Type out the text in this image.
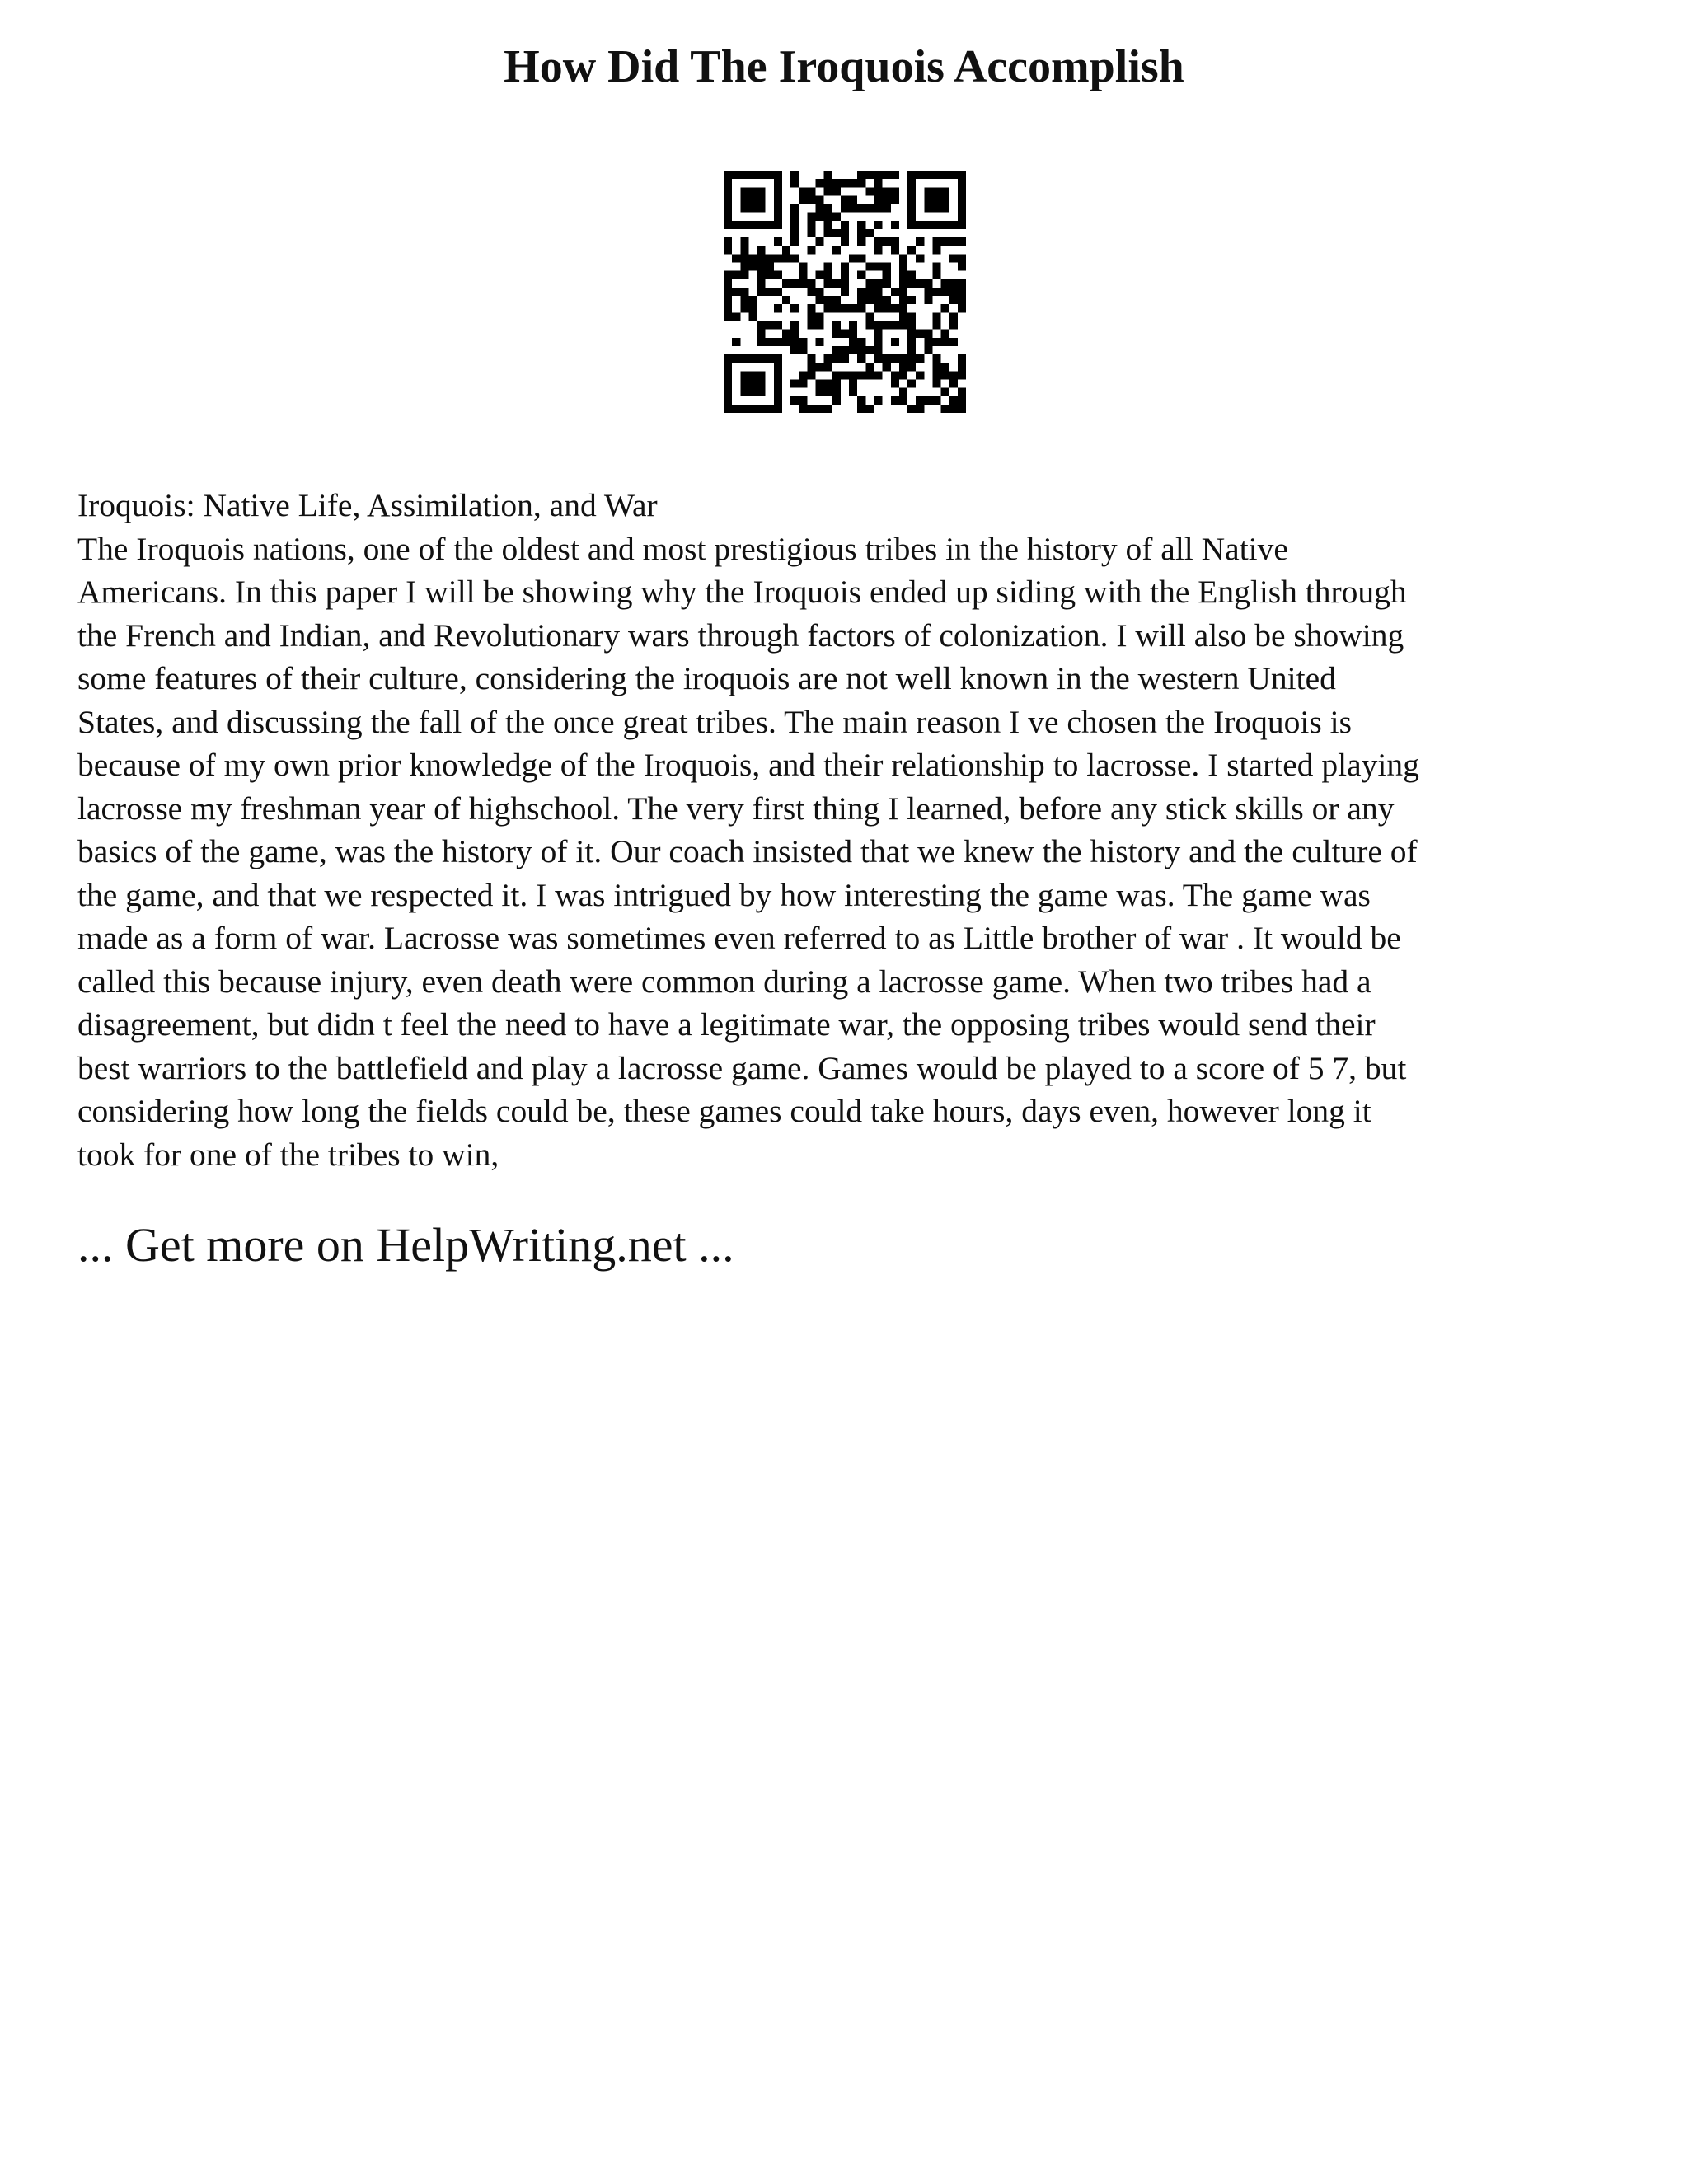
How Did The Iroquois Accomplish

Iroquois: Native Life, Assimilation, and War

The Iroquois nations, one of the oldest and most prestigious tribes in the history of all Native
Americans. In this paper I will be showing why the Iroquois ended up siding with the English through
the French and Indian, and Revolutionary wars through factors of colonization. I will also be showing
some features of their culture, considering the iroquois are not well known in the western United
States, and discussing the fall of the once great tribes. The main reason I ve chosen the Iroquois is
because of my own prior knowledge of the Iroquois, and their relationship to lacrosse. I started playing
lacrosse my freshman year of highschool. The very first thing I learned, before any stick skills or any
basics of the game, was the history of it. Our coach insisted that we knew the history and the culture of
the game, and that we respected it. I was intrigued by how interesting the game was. The game was
made as a form of war. Lacrosse was sometimes even referred to as Little brother of war . It would be
called this because injury, even death were common during a lacrosse game. When two tribes had a
disagreement, but didn t feel the need to have a legitimate war, the opposing tribes would send their
best warriors to the battlefield and play a lacrosse game. Games would be played to a score of 5 7, but
considering how long the fields could be, these games could take hours, days even, however long it
took for one of the tribes to win,

... Get more on HelpWriting.net ...
